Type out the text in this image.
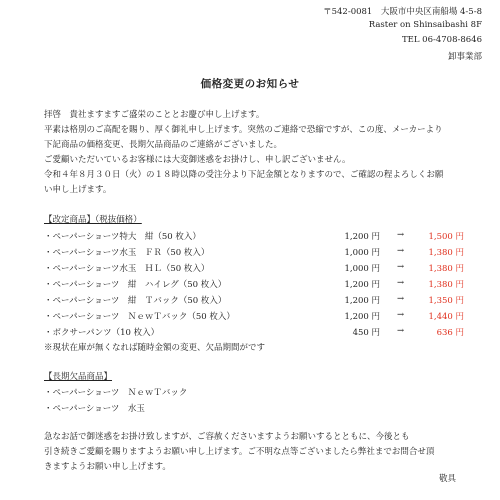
〒542-0081　大阪市中央区南船場 4-5-8
Raster on Shinsaibashi 8F
TEL 06-4708-8646
卸事業部
価格変更のお知らせ
拝啓　貴社ますますご盛栄のこととお慶び申し上げます。
平素は格別のご高配を賜り、厚く御礼申し上げます。突然のご連絡で恐縮ですが、この度、メーカーより
下記商品の価格変更、長期欠品商品のご連絡がございました。
ご愛顧いただいているお客様には大変御迷惑をお掛けし、申し訳ございません。
令和４年８月３０日（火）の１８時以降の受注分より下記金額となりますので、ご確認の程よろしくお願
い申し上げます。
【改定商品】（税抜価格）
・ペーパーショーツ特大　紺（50 枚入）	1,200 円 →	1,500 円
・ペーパーショーツ水玉　ＦＲ（50 枚入）	1,000 円 →	1,380 円
・ペーパーショーツ水玉　ＨＬ（50 枚入）	1,000 円 →	1,380 円
・ペーパーショーツ　紺　ハイレグ（50 枚入）	1,200 円 →	1,380 円
・ペーパーショーツ　紺　Ｔバック（50 枚入）	1,200 円 →	1,350 円
・ペーパーショーツ　ＮｅｗＴバック（50 枚入）	1,200 円 →	1,440 円
・ボクサーパンツ（10 枚入）	450 円 →	636 円
※現状在庫が無くなれば随時金額の変更、欠品期間がです
【長期欠品商品】
・ペーパーショーツ　ＮｅｗＴバック
・ペーパーショーツ　水玉
急なお話で御迷惑をお掛け致しますが、ご容赦くださいますようお願いするとともに、今後とも
引き続きご愛顧を賜りますようお願い申し上げます。ご不明な点等ございましたら弊社までお問合せ頂
きますようお願い申し上げます。
敬具
